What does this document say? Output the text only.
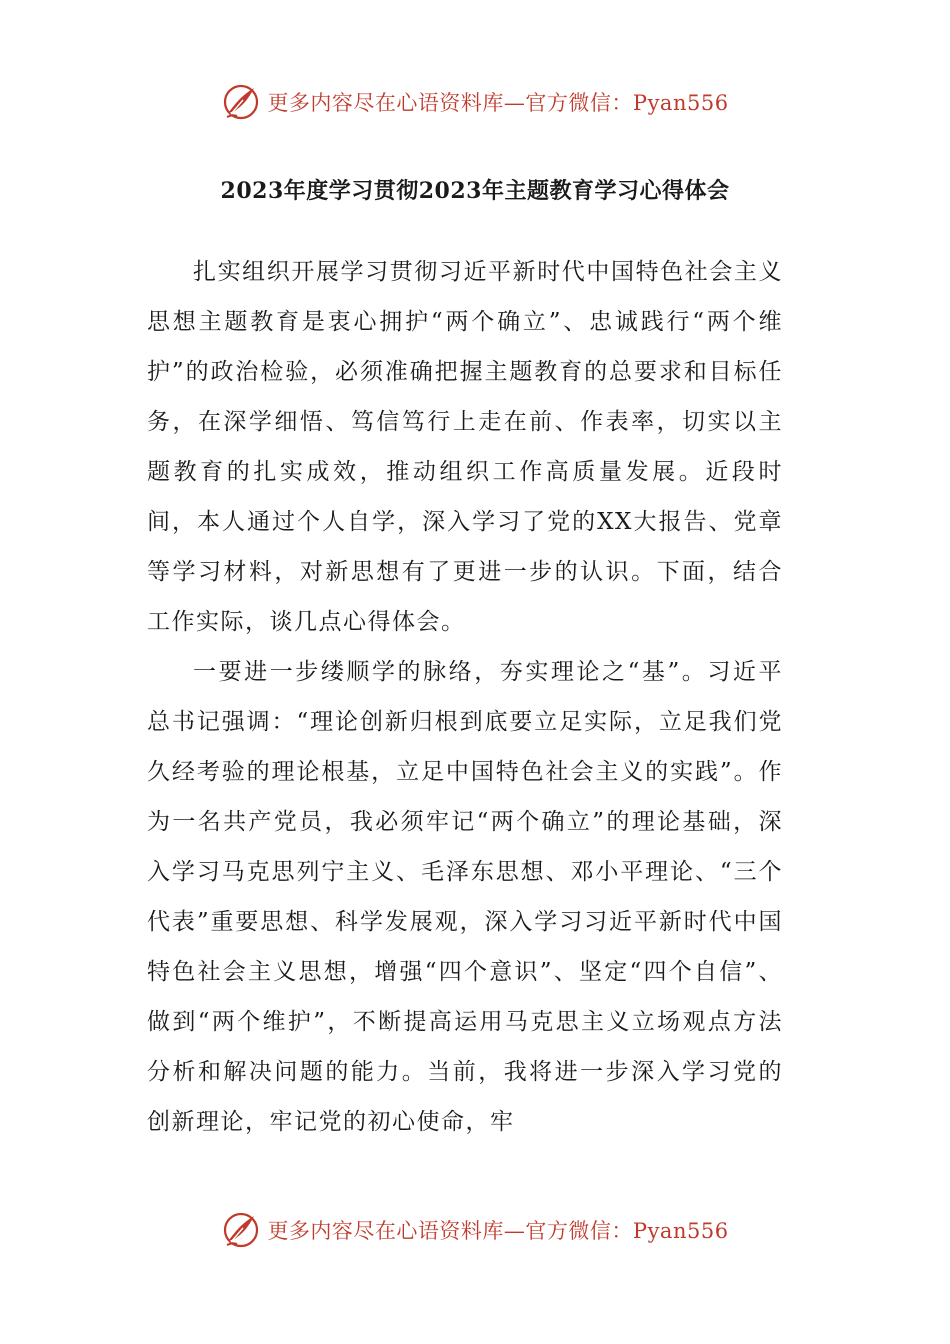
更多内容尽在心语资料库—官方微信：Pyan556
2023年度学习贯彻2023年主题教育学习心得体会

扎实组织开展学习贯彻习近平新时代中国特色社会主义思想主题教育是衷心拥护“两个确立”、忠诚践行“两个维护”的政治检验，必须准确把握主题教育的总要求和目标任务，在深学细悟、笃信笃行上走在前、作表率，切实以主题教育的扎实成效，推动组织工作高质量发展。近段时间，本人通过个人自学，深入学习了党的XX大报告、党章等学习材料，对新思想有了更进一步的认识。下面，结合工作实际，谈几点心得体会。

一要进一步缕顺学的脉络，夯实理论之“基”。习近平总书记强调：“理论创新归根到底要立足实际，立足我们党久经考验的理论根基，立足中国特色社会主义的实践”。作为一名共产党员，我必须牢记“两个确立”的理论基础，深入学习马克思列宁主义、毛泽东思想、邓小平理论、“三个代表”重要思想、科学发展观，深入学习习近平新时代中国特色社会主义思想，增强“四个意识”、坚定“四个自信”、做到“两个维护”，不断提高运用马克思主义立场观点方法分析和解决问题的能力。当前，我将进一步深入学习党的创新理论，牢记党的初心使命，牢

更多内容尽在心语资料库—官方微信：Pyan556
